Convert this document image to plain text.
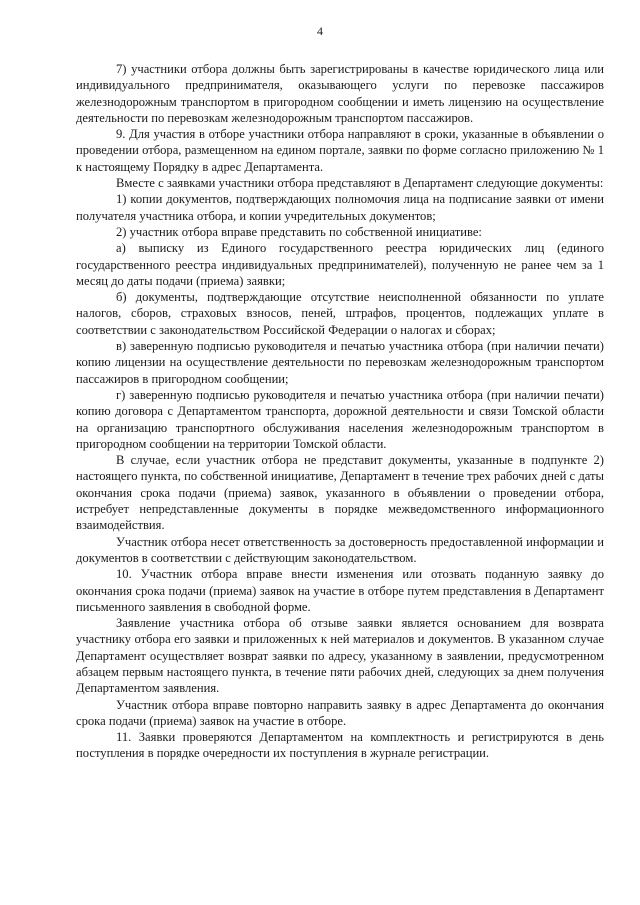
4

7) участники отбора должны быть зарегистрированы в качестве юридического лица или индивидуального предпринимателя, оказывающего услуги по перевозке пассажиров железнодорожным транспортом в пригородном сообщении и иметь лицензию на осуществление деятельности по перевозкам железнодорожным транспортом пассажиров.

9. Для участия в отборе участники отбора направляют в сроки, указанные в объявлении о проведении отбора, размещенном на едином портале, заявки по форме согласно приложению № 1 к настоящему Порядку в адрес Департамента.

Вместе с заявками участники отбора представляют в Департамент следующие документы:

1) копии документов, подтверждающих полномочия лица на подписание заявки от имени получателя участника отбора, и копии учредительных документов;

2) участник отбора вправе представить по собственной инициативе:

а) выписку из Единого государственного реестра юридических лиц (единого государственного реестра индивидуальных предпринимателей), полученную не ранее чем за 1 месяц до даты подачи (приема) заявки;

б) документы, подтверждающие отсутствие неисполненной обязанности по уплате налогов, сборов, страховых взносов, пеней, штрафов, процентов, подлежащих уплате в соответствии с законодательством Российской Федерации о налогах и сборах;

в) заверенную подписью руководителя и печатью участника отбора (при наличии печати) копию лицензии на осуществление деятельности по перевозкам железнодорожным транспортом пассажиров в пригородном сообщении;

г) заверенную подписью руководителя и печатью участника отбора (при наличии печати) копию договора с Департаментом транспорта, дорожной деятельности и связи Томской области на организацию транспортного обслуживания населения железнодорожным транспортом в пригородном сообщении на территории Томской области.

В случае, если участник отбора не представит документы, указанные в подпункте 2) настоящего пункта, по собственной инициативе, Департамент в течение трех рабочих дней с даты окончания срока подачи (приема) заявок, указанного в объявлении о проведении отбора, истребует непредставленные документы в порядке межведомственного информационного взаимодействия.

Участник отбора несет ответственность за достоверность предоставленной информации и документов в соответствии с действующим законодательством.

10. Участник отбора вправе внести изменения или отозвать поданную заявку до окончания срока подачи (приема) заявок на участие в отборе путем представления в Департамент письменного заявления в свободной форме.

Заявление участника отбора об отзыве заявки является основанием для возврата участнику отбора его заявки и приложенных к ней материалов и документов. В указанном случае Департамент осуществляет возврат заявки по адресу, указанному в заявлении, предусмотренном абзацем первым настоящего пункта, в течение пяти рабочих дней, следующих за днем получения Департаментом заявления.

Участник отбора вправе повторно направить заявку в адрес Департамента до окончания срока подачи (приема) заявок на участие в отборе.

11. Заявки проверяются Департаментом на комплектность и регистрируются в день поступления в порядке очередности их поступления в журнале регистрации.
